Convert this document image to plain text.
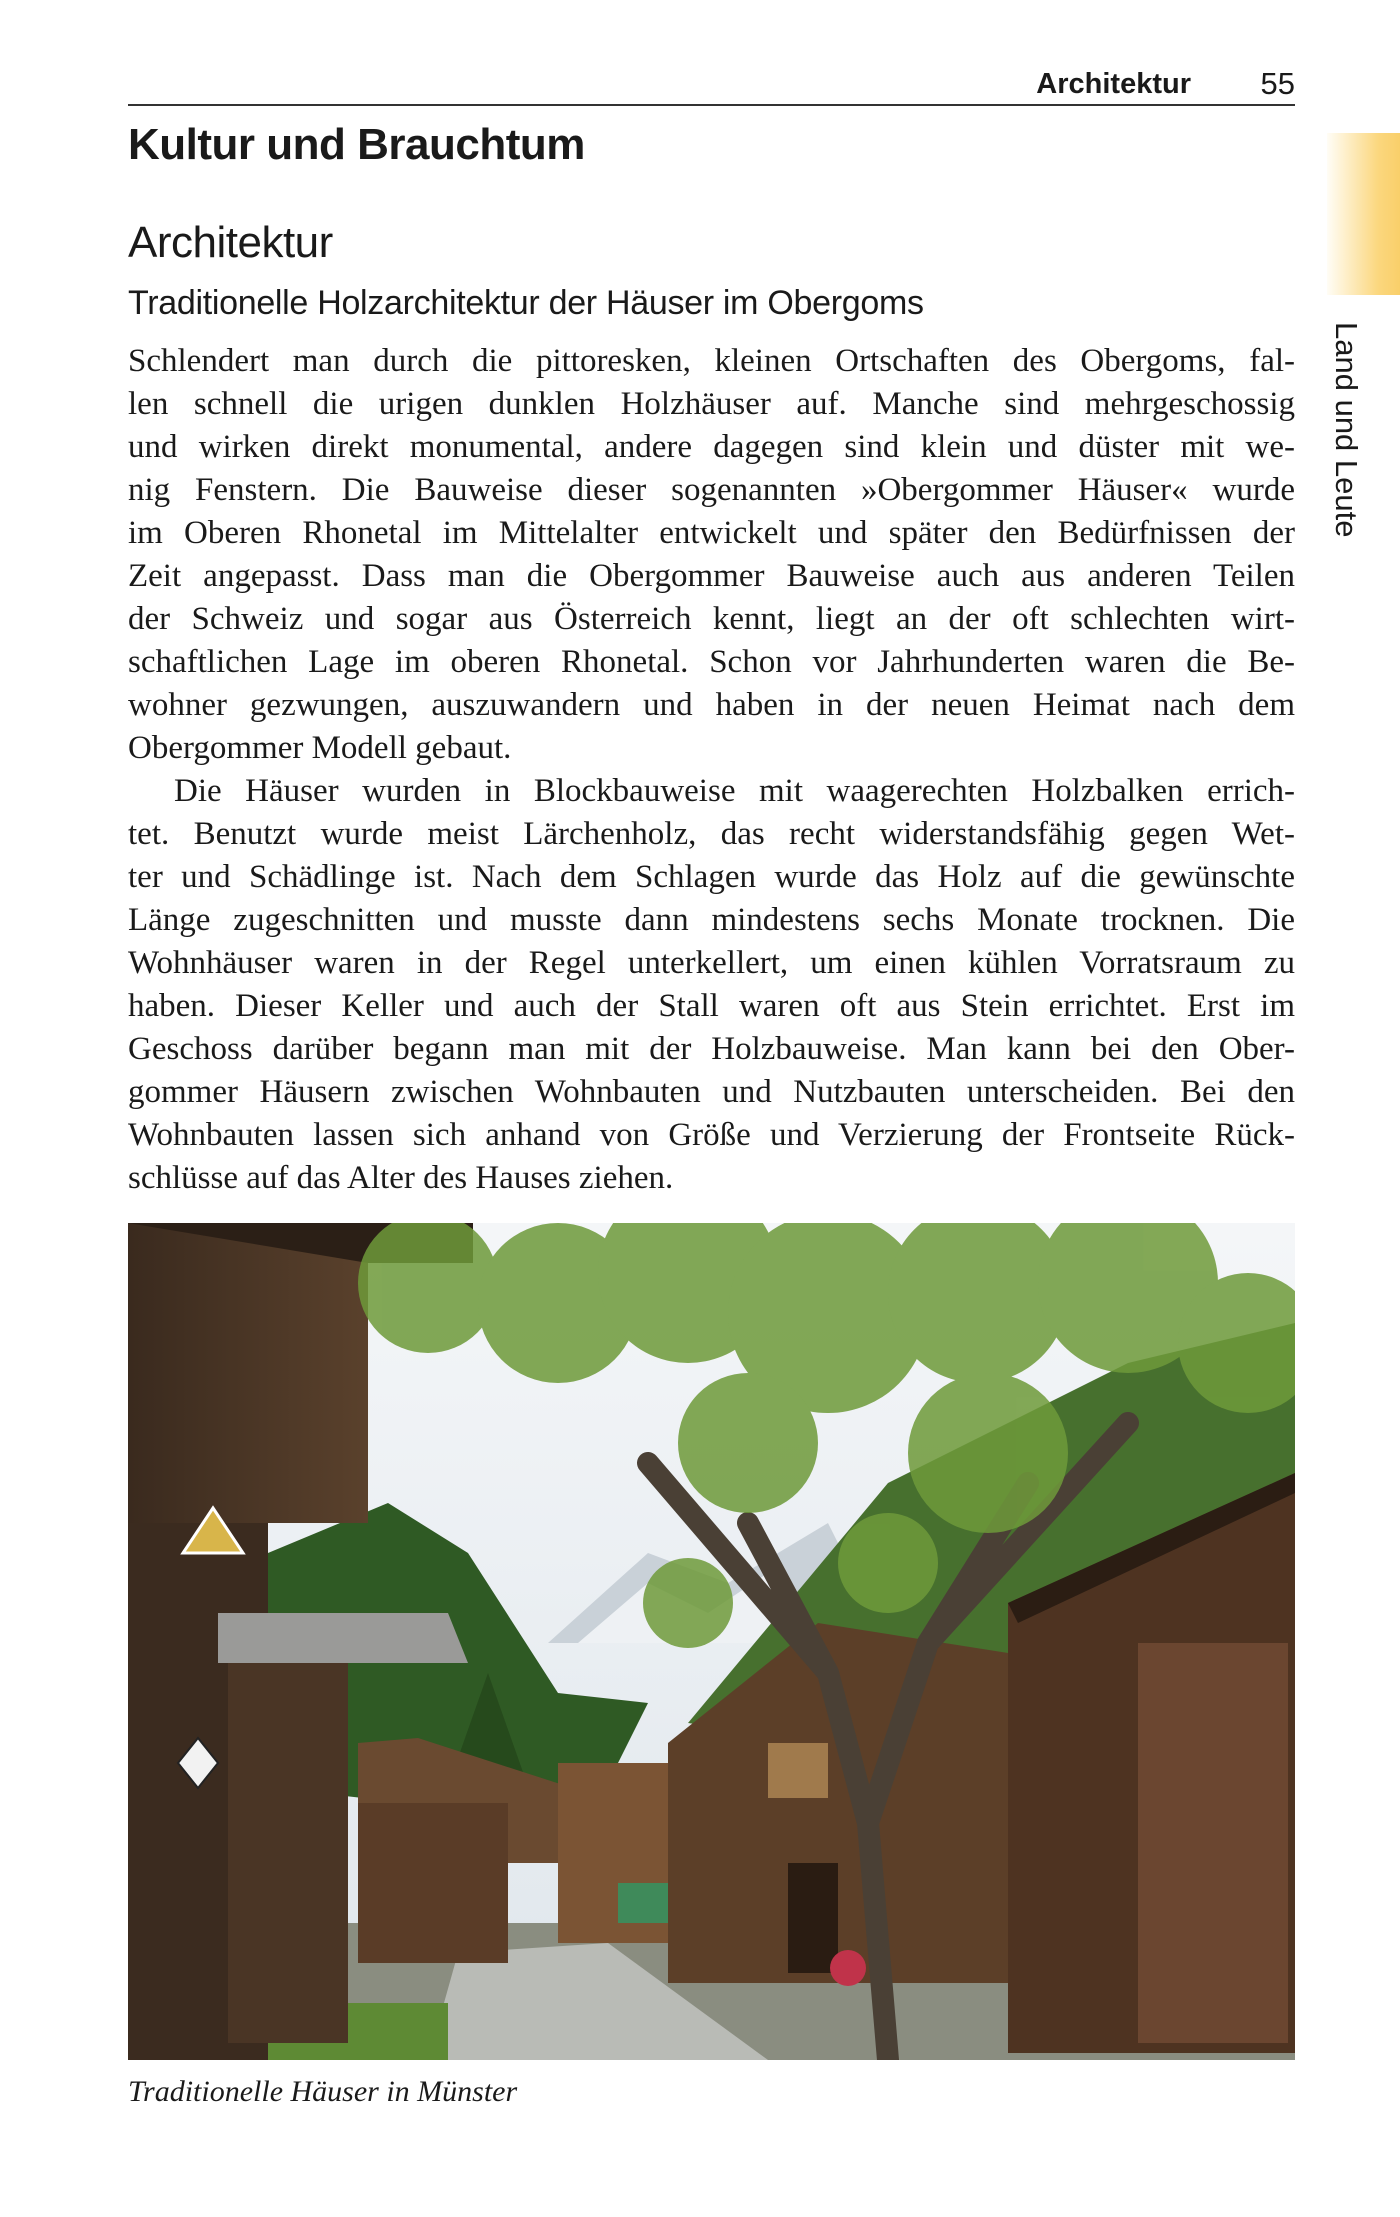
Architektur 55
Land und Leute
Kultur und Brauchtum
Architektur
Traditionelle Holzarchitektur der Häuser im Obergoms
Schlendert man durch die pittoresken, kleinen Ortschaften des Obergoms, fal-
len schnell die urigen dunklen Holzhäuser auf. Manche sind mehrgeschossig
und wirken direkt monumental, andere dagegen sind klein und düster mit we-
nig Fenstern. Die Bauweise dieser sogenannten »Obergommer Häuser« wurde
im Oberen Rhonetal im Mittelalter entwickelt und später den Bedürfnissen der
Zeit angepasst. Dass man die Obergommer Bauweise auch aus anderen Teilen
der Schweiz und sogar aus Österreich kennt, liegt an der oft schlechten wirt-
schaftlichen Lage im oberen Rhonetal. Schon vor Jahrhunderten waren die Be-
wohner gezwungen, auszuwandern und haben in der neuen Heimat nach dem
Obergommer Modell gebaut.
Die Häuser wurden in Blockbauweise mit waagerechten Holzbalken errich-
tet. Benutzt wurde meist Lärchenholz, das recht widerstandsfähig gegen Wet-
ter und Schädlinge ist. Nach dem Schlagen wurde das Holz auf die gewünschte
Länge zugeschnitten und musste dann mindestens sechs Monate trocknen. Die
Wohnhäuser waren in der Regel unterkellert, um einen kühlen Vorratsraum zu
haben. Dieser Keller und auch der Stall waren oft aus Stein errichtet. Erst im
Geschoss darüber begann man mit der Holzbauweise. Man kann bei den Ober-
gommer Häusern zwischen Wohnbauten und Nutzbauten unterscheiden. Bei den
Wohnbauten lassen sich anhand von Größe und Verzierung der Frontseite Rück-
schlüsse auf das Alter des Hauses ziehen.
Traditionelle Häuser in Münster
